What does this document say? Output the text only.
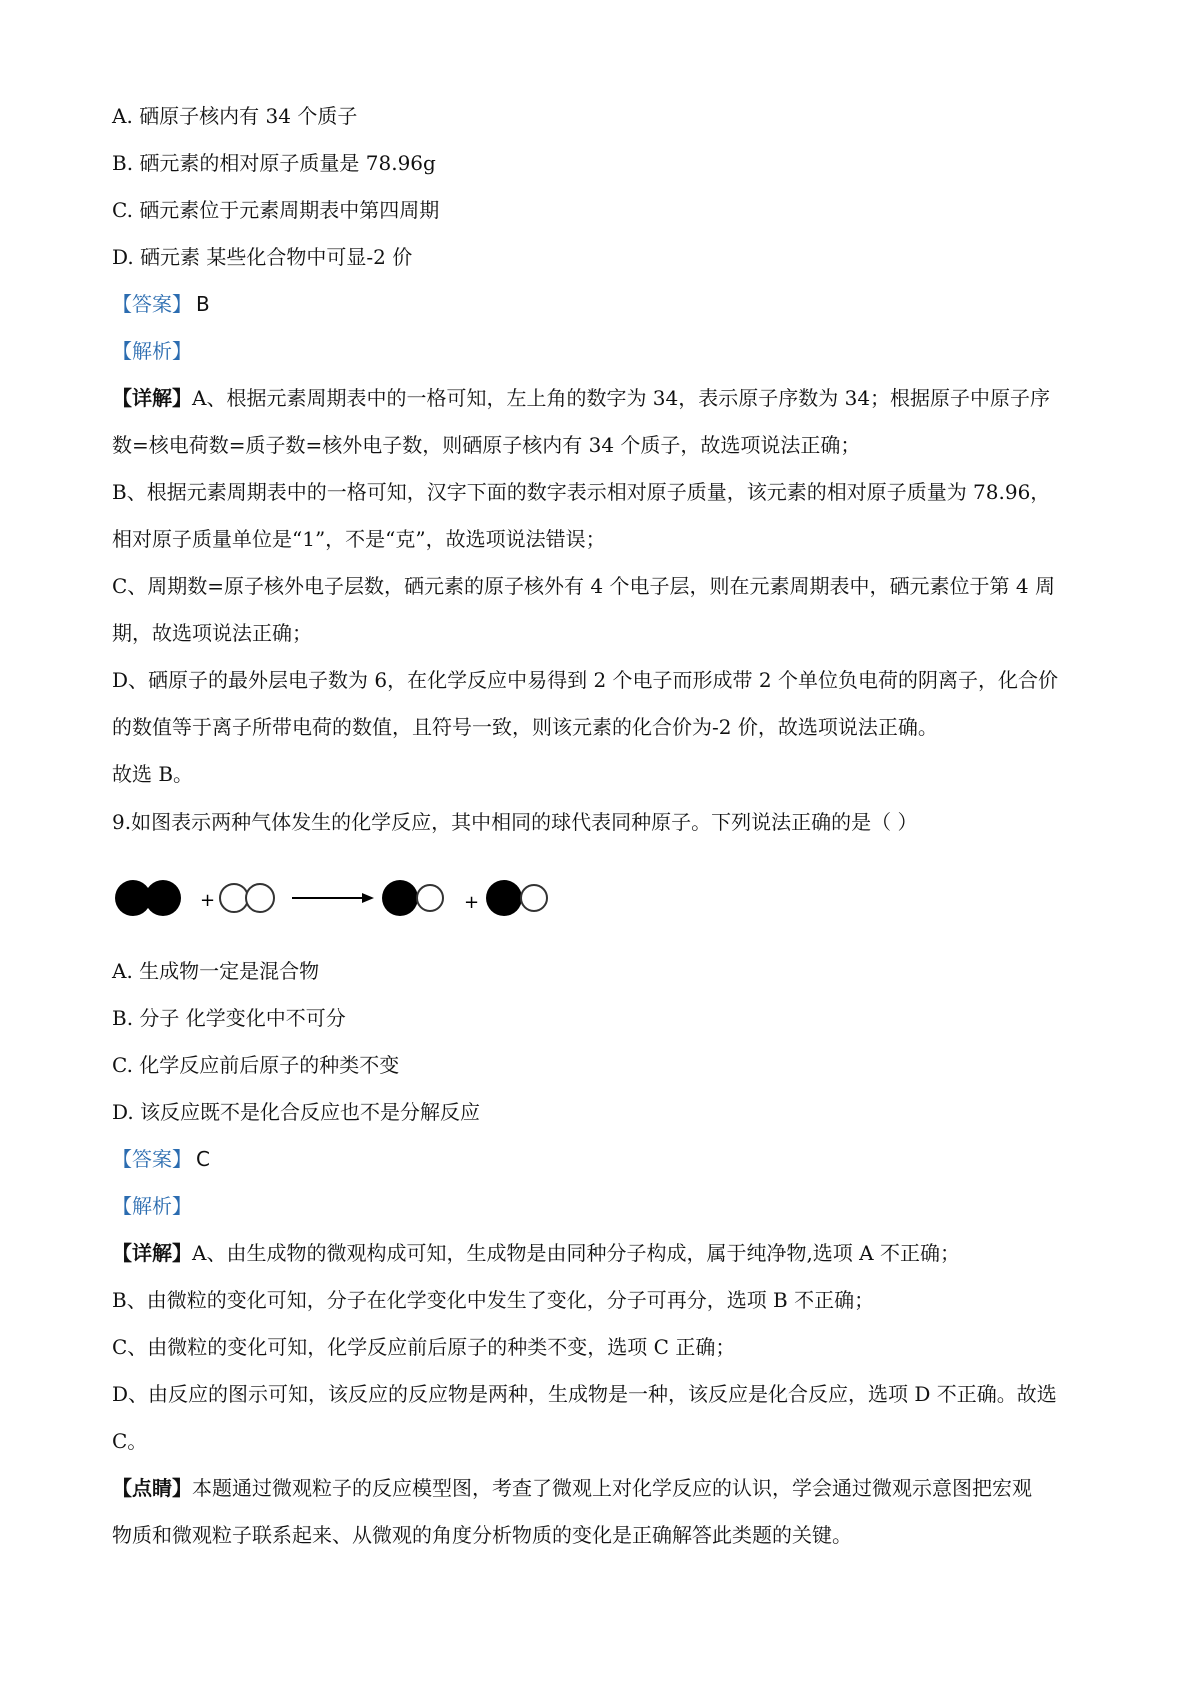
A. 硒原子核内有 34 个质子
B. 硒元素的相对原子质量是 78.96g
C. 硒元素位于元素周期表中第四周期
D. 硒元素 某些化合物中可显-2 价
【答案】 B
【解析】
【详解】A、根据元素周期表中的一格可知，左上角的数字为 34，表示原子序数为 34；根据原子中原子序
数=核电荷数=质子数=核外电子数，则硒原子核内有 34 个质子，故选项说法正确；
B、根据元素周期表中的一格可知，汉字下面的数字表示相对原子质量，该元素的相对原子质量为 78.96，
相对原子质量单位是“1”，不是“克”，故选项说法错误；
C、周期数=原子核外电子层数，硒元素的原子核外有 4 个电子层，则在元素周期表中，硒元素位于第 4 周
期，故选项说法正确；
D、硒原子的最外层电子数为 6，在化学反应中易得到 2 个电子而形成带 2 个单位负电荷的阴离子，化合价
的数值等于离子所带电荷的数值，且符号一致，则该元素的化合价为-2 价，故选项说法正确。
故选 B。
9.如图表示两种气体发生的化学反应，其中相同的球代表同种原子。下列说法正确的是（ ）
+	+
A. 生成物一定是混合物
B. 分子 化学变化中不可分
C. 化学反应前后原子的种类不变
D. 该反应既不是化合反应也不是分解反应
【答案】 C
【解析】
【详解】A、由生成物的微观构成可知，生成物是由同种分子构成，属于纯净物,选项 A 不正确；
B、由微粒的变化可知，分子在化学变化中发生了变化，分子可再分，选项 B 不正确；
C、由微粒的变化可知，化学反应前后原子的种类不变，选项 C 正确；
D、由反应的图示可知，该反应的反应物是两种，生成物是一种，该反应是化合反应，选项 D 不正确。故选
C。
【点睛】本题通过微观粒子的反应模型图，考查了微观上对化学反应的认识，学会通过微观示意图把宏观
物质和微观粒子联系起来、从微观的角度分析物质的变化是正确解答此类题的关键。
